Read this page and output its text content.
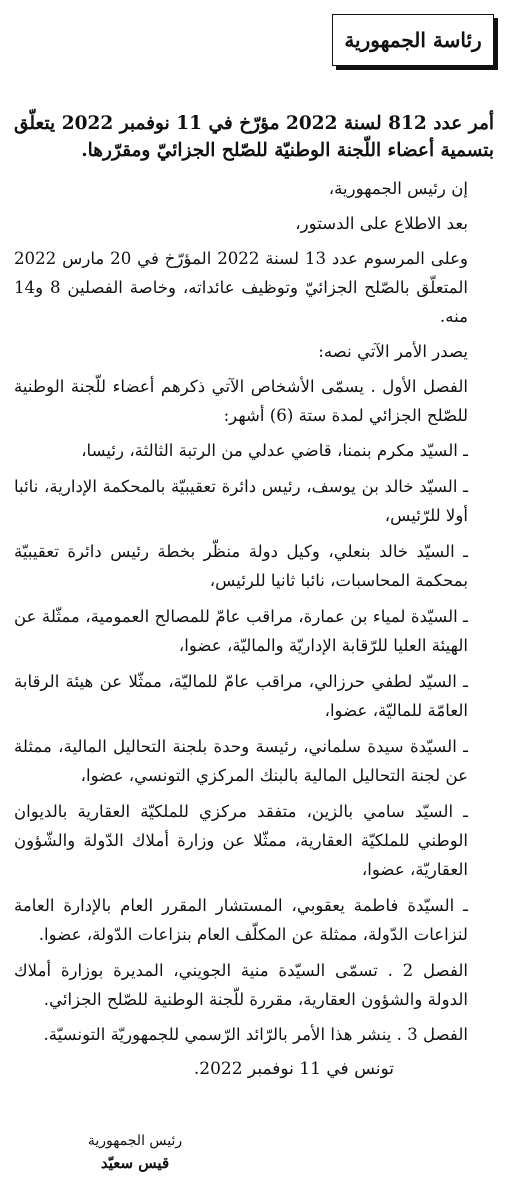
رئاسة الجمهورية

أمر عدد 812 لسنة 2022 مؤرّخ في 11 نوفمبر 2022 يتعلّق بتسمية أعضاء اللّجنة الوطنيّة للصّلح الجزائيّ ومقرّرها.

إن رئيس الجمهورية،

بعد الاطلاع على الدستور،

وعلى المرسوم عدد 13 لسنة 2022 المؤرّخ في 20 مارس 2022 المتعلّق بالصّلح الجزائيّ وتوظيف عائداته، وخاصة الفصلين 8 و14 منه.

يصدر الأمر الآتي نصه:

الفصل الأول . يسمّى الأشخاص الآتي ذكرهم أعضاء للّجنة الوطنية للصّلح الجزائي لمدة ستة (6) أشهر:

ـ السيّد مكرم بنمنا، قاضي عدلي من الرتبة الثالثة، رئيسا،

ـ السيّد خالد بن يوسف، رئيس دائرة تعقيبيّة بالمحكمة الإدارية، نائبا أولا للرّئيس،

ـ السيّد خالد بنعلي، وكيل دولة منظّر بخطة رئيس دائرة تعقيبيّة بمحكمة المحاسبات، نائبا ثانيا للرئيس،

ـ السيّدة لمياء بن عمارة، مراقب عامّ للمصالح العمومية، ممثّلة عن الهيئة العليا للرّقابة الإداريّة والماليّة، عضوا،

ـ السيّد لطفي حرزالي، مراقب عامّ للماليّة، ممثّلا عن هيئة الرقابة العامّة للماليّة، عضوا،

ـ السيّدة سيدة سلماني، رئيسة وحدة بلجنة التحاليل المالية، ممثلة عن لجنة التحاليل المالية بالبنك المركزي التونسي، عضوا،

ـ السيّد سامي بالزين، متفقد مركزي للملكيّة العقارية بالديوان الوطني للملكيّة العقارية، ممثّلا عن وزارة أملاك الدّولة والشّؤون العقاريّة، عضوا،

ـ السيّدة فاطمة يعقوبي، المستشار المقرر العام بالإدارة العامة لنزاعات الدّولة، ممثلة عن المكلّف العام بنزاعات الدّولة، عضوا.

الفصل 2 . تسمّى السيّدة منية الجويني، المديرة بوزارة أملاك الدولة والشؤون العقارية، مقررة للّجنة الوطنية للصّلح الجزائي.

الفصل 3 . ينشر هذا الأمر بالرّائد الرّسمي للجمهوريّة التونسيّة.

تونس في 11 نوفمبر 2022.

رئيس الجمهورية
قيس سعيّد
